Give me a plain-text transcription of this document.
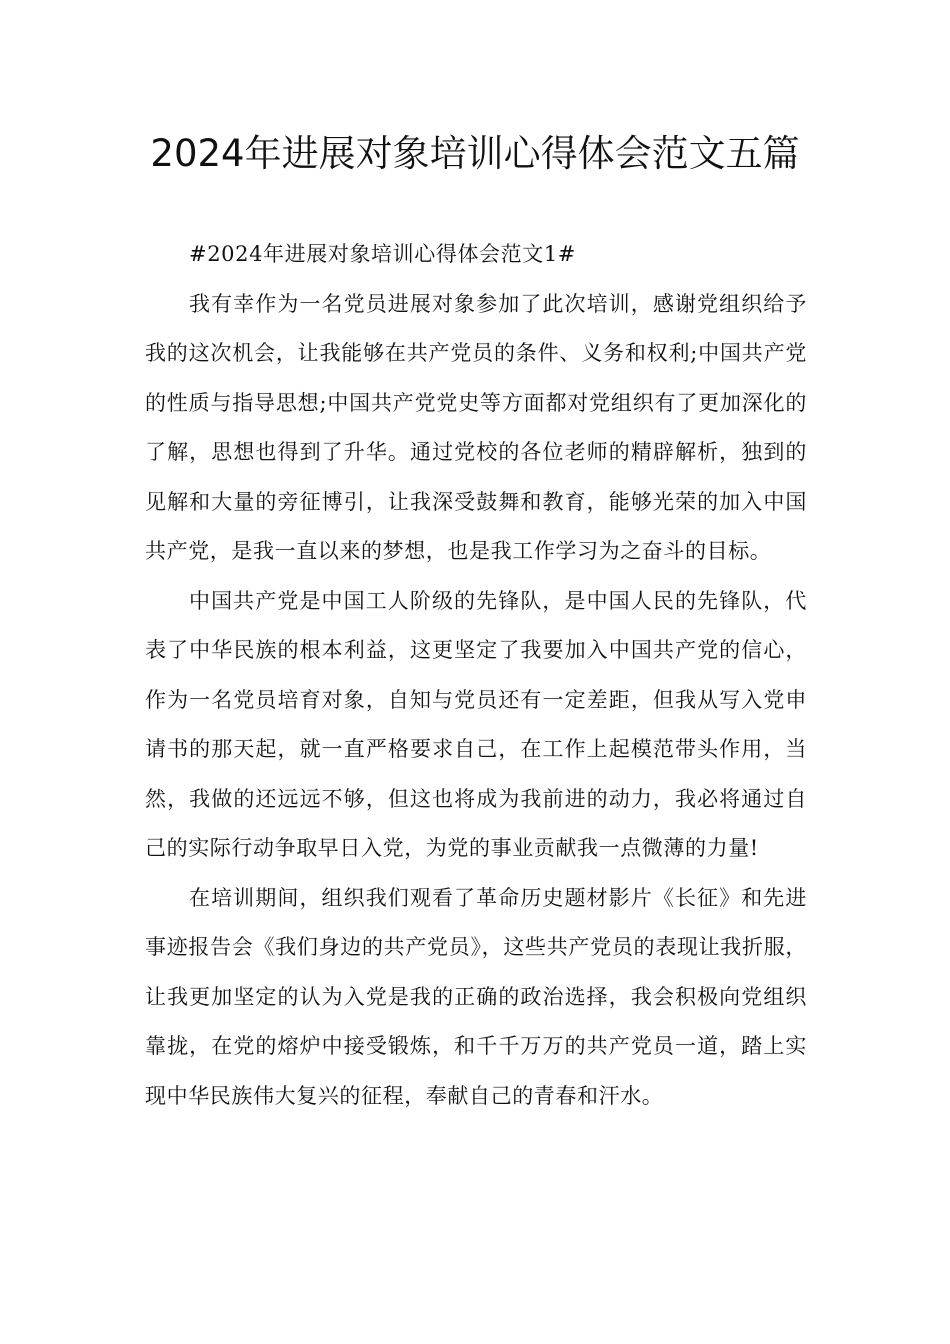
2024年进展对象培训心得体会范文五篇

#2024年进展对象培训心得体会范文1#

我有幸作为一名党员进展对象参加了此次培训，感谢党组织给予我的这次机会，让我能够在共产党员的条件、义务和权利;中国共产党的性质与指导思想;中国共产党党史等方面都对党组织有了更加深化的了解，思想也得到了升华。通过党校的各位老师的精辟解析，独到的见解和大量的旁征博引，让我深受鼓舞和教育，能够光荣的加入中国共产党，是我一直以来的梦想，也是我工作学习为之奋斗的目标。

中国共产党是中国工人阶级的先锋队，是中国人民的先锋队，代表了中华民族的根本利益，这更坚定了我要加入中国共产党的信心，作为一名党员培育对象，自知与党员还有一定差距，但我从写入党申请书的那天起，就一直严格要求自己，在工作上起模范带头作用，当然，我做的还远远不够，但这也将成为我前进的动力，我必将通过自己的实际行动争取早日入党，为党的事业贡献我一点微薄的力量!

在培训期间，组织我们观看了革命历史题材影片《长征》和先进事迹报告会《我们身边的共产党员》，这些共产党员的表现让我折服，让我更加坚定的认为入党是我的正确的政治选择，我会积极向党组织靠拢，在党的熔炉中接受锻炼，和千千万万的共产党员一道，踏上实现中华民族伟大复兴的征程，奉献自己的青春和汗水。
